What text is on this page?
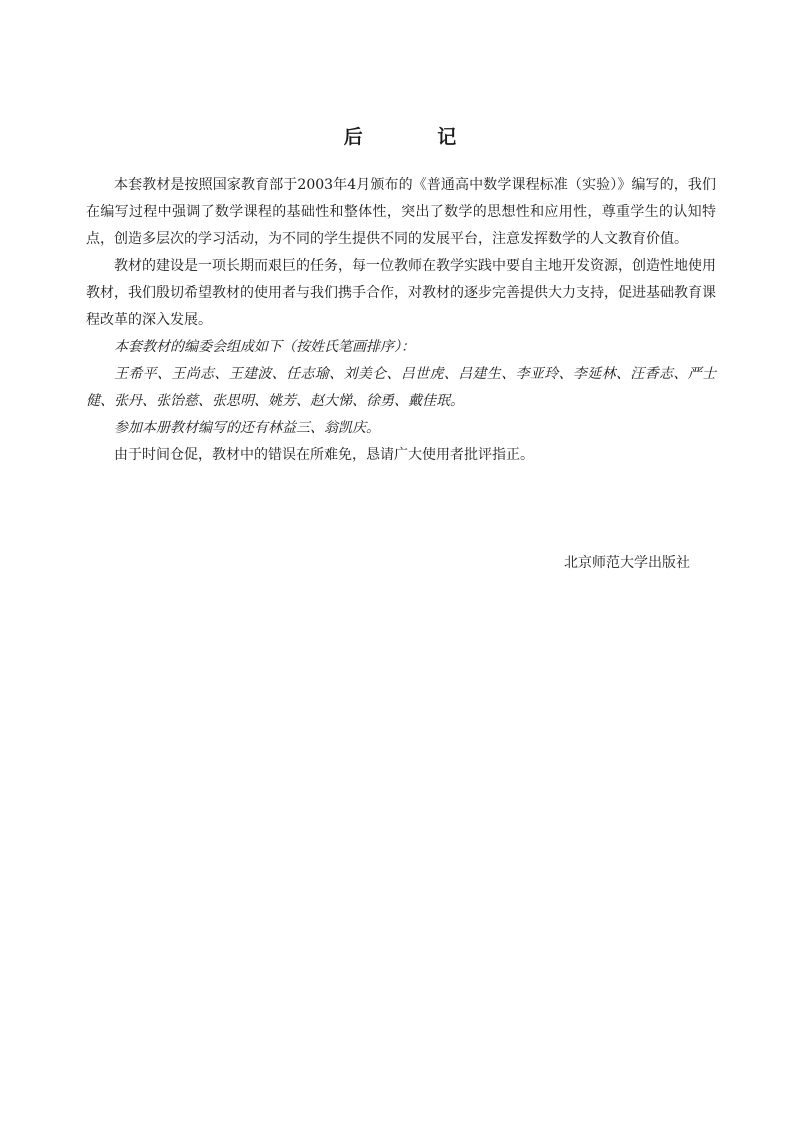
后 记

本套教材是按照国家教育部于2003年4月颁布的《普通高中数学课程标准（实验）》编写的，我们在编写过程中强调了数学课程的基础性和整体性，突出了数学的思想性和应用性，尊重学生的认知特点，创造多层次的学习活动，为不同的学生提供不同的发展平台，注意发挥数学的人文教育价值。

教材的建设是一项长期而艰巨的任务，每一位教师在教学实践中要自主地开发资源，创造性地使用教材，我们殷切希望教材的使用者与我们携手合作，对教材的逐步完善提供大力支持，促进基础教育课程改革的深入发展。

本套教材的编委会组成如下（按姓氏笔画排序）：

王希平、王尚志、王建波、任志瑜、刘美仑、吕世虎、吕建生、李亚玲、李延林、汪香志、严士健、张丹、张饴慈、张思明、姚芳、赵大悌、徐勇、戴佳珉。

参加本册教材编写的还有林益三、翁凯庆。

由于时间仓促，教材中的错误在所难免，恳请广大使用者批评指正。

北京师范大学出版社
